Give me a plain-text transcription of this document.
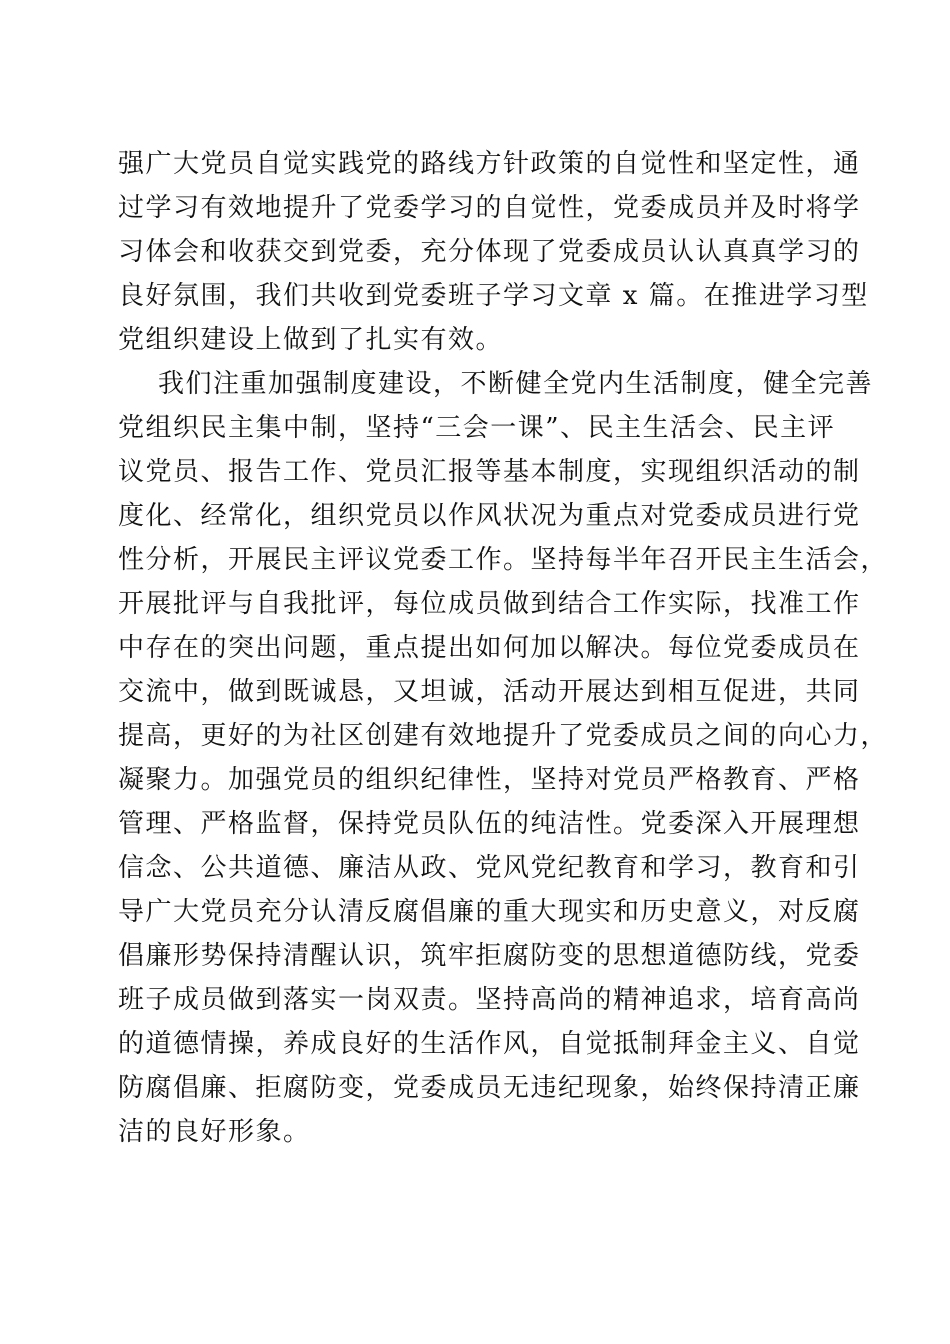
强广大党员自觉实践党的路线方针政策的自觉性和坚定性，通
过学习有效地提升了党委学习的自觉性，党委成员并及时将学
习体会和收获交到党委，充分体现了党委成员认认真真学习的
良好氛围，我们共收到党委班子学习文章 x 篇。在推进学习型
党组织建设上做到了扎实有效。

我们注重加强制度建设，不断健全党内生活制度，健全完善
党组织民主集中制，坚持“三会一课”、民主生活会、民主评
议党员、报告工作、党员汇报等基本制度，实现组织活动的制
度化、经常化，组织党员以作风状况为重点对党委成员进行党
性分析，开展民主评议党委工作。坚持每半年召开民主生活会，
开展批评与自我批评，每位成员做到结合工作实际，找准工作
中存在的突出问题，重点提出如何加以解决。每位党委成员在
交流中，做到既诚恳，又坦诚，活动开展达到相互促进，共同
提高，更好的为社区创建有效地提升了党委成员之间的向心力，
凝聚力。加强党员的组织纪律性，坚持对党员严格教育、严格
管理、严格监督，保持党员队伍的纯洁性。党委深入开展理想
信念、公共道德、廉洁从政、党风党纪教育和学习，教育和引
导广大党员充分认清反腐倡廉的重大现实和历史意义，对反腐
倡廉形势保持清醒认识，筑牢拒腐防变的思想道德防线，党委
班子成员做到落实一岗双责。坚持高尚的精神追求，培育高尚
的道德情操，养成良好的生活作风，自觉抵制拜金主义、自觉
防腐倡廉、拒腐防变，党委成员无违纪现象，始终保持清正廉
洁的良好形象。
